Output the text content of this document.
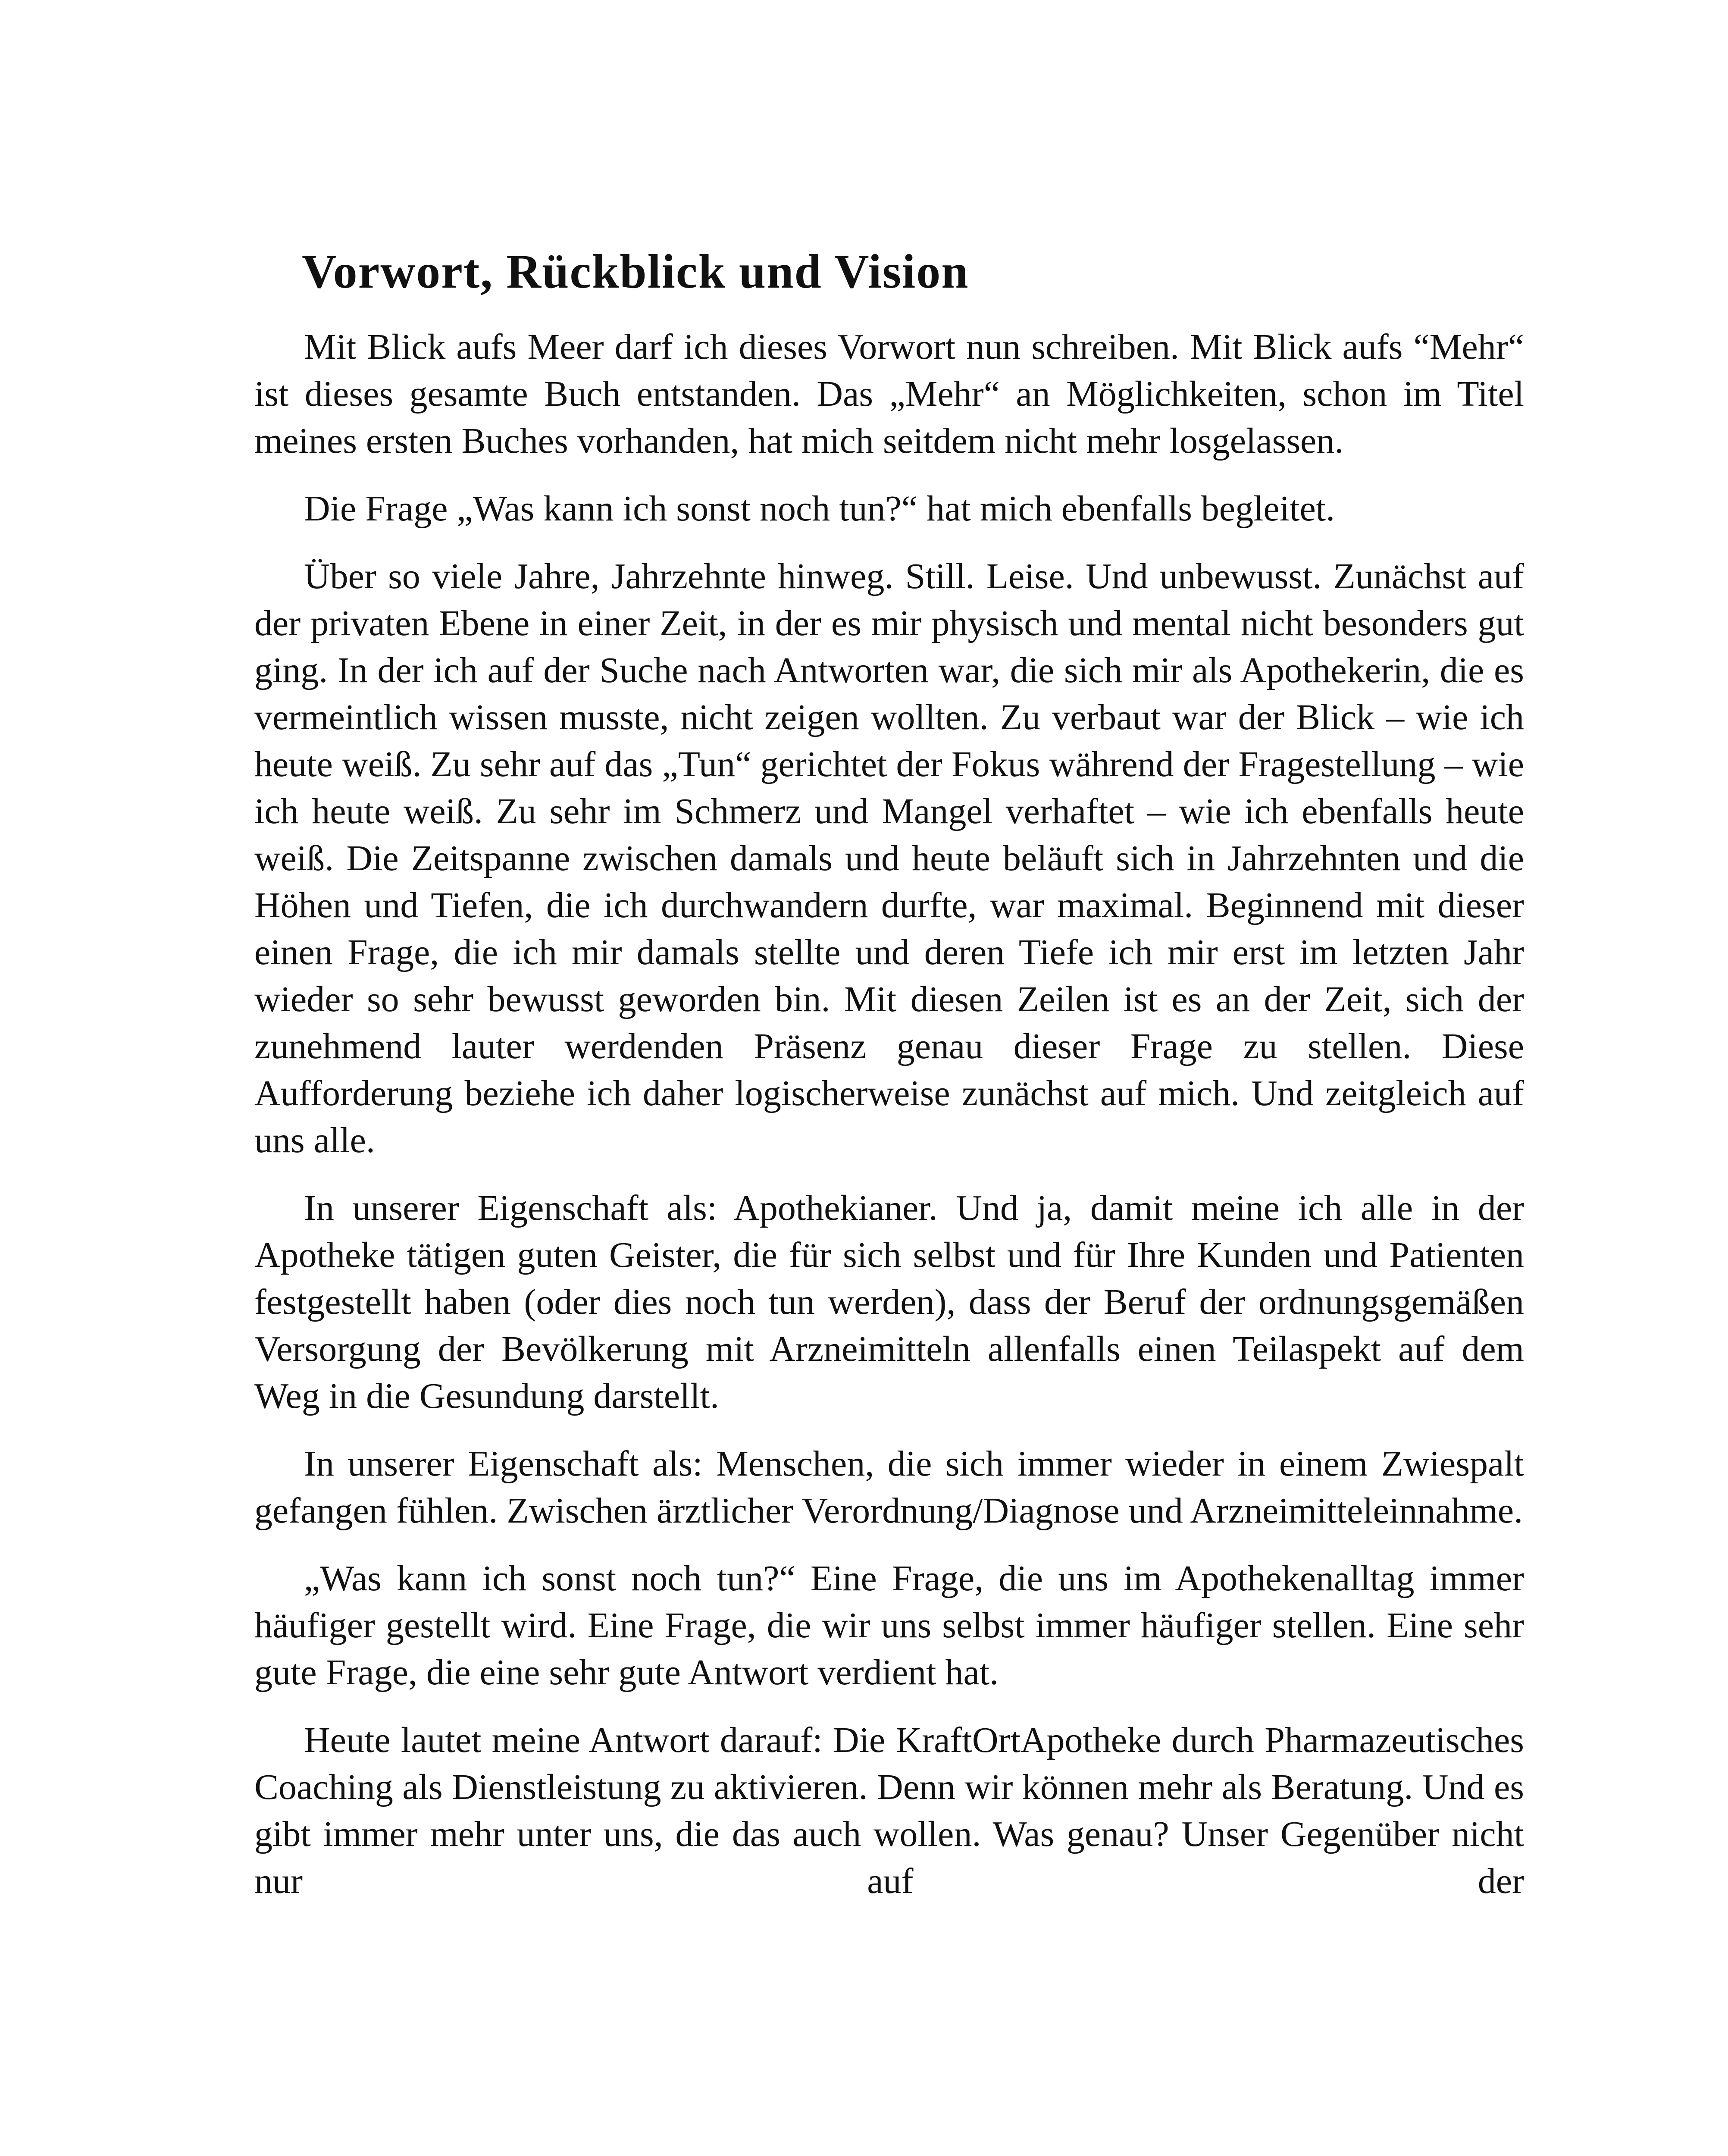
Vorwort, Rückblick und Vision

Mit Blick aufs Meer darf ich dieses Vorwort nun schreiben. Mit Blick aufs “Mehr“ ist dieses gesamte Buch entstanden. Das „Mehr“ an Möglichkeiten, schon im Titel meines ersten Buches vorhanden, hat mich seitdem nicht mehr losgelassen.

Die Frage „Was kann ich sonst noch tun?“ hat mich ebenfalls begleitet.

Über so viele Jahre, Jahrzehnte hinweg. Still. Leise. Und unbewusst. Zunächst auf der privaten Ebene in einer Zeit, in der es mir physisch und mental nicht besonders gut ging. In der ich auf der Suche nach Antworten war, die sich mir als Apothekerin, die es vermeintlich wissen musste, nicht zeigen wollten. Zu verbaut war der Blick – wie ich heute weiß. Zu sehr auf das „Tun“ gerichtet der Fokus während der Fragestellung – wie ich heute weiß. Zu sehr im Schmerz und Mangel verhaftet – wie ich ebenfalls heute weiß. Die Zeitspanne zwischen damals und heute beläuft sich in Jahrzehnten und die Höhen und Tiefen, die ich durchwandern durfte, war maximal. Beginnend mit dieser einen Frage, die ich mir damals stellte und deren Tiefe ich mir erst im letzten Jahr wieder so sehr bewusst geworden bin. Mit diesen Zeilen ist es an der Zeit, sich der zunehmend lauter werdenden Präsenz genau dieser Frage zu stellen. Diese Aufforderung beziehe ich daher logischerweise zunächst auf mich. Und zeitgleich auf uns alle.

In unserer Eigenschaft als: Apothekianer. Und ja, damit meine ich alle in der Apotheke tätigen guten Geister, die für sich selbst und für Ihre Kunden und Patienten festgestellt haben (oder dies noch tun werden), dass der Beruf der ordnungsgemäßen Versorgung der Bevölkerung mit Arzneimitteln allenfalls einen Teilaspekt auf dem Weg in die Gesundung darstellt.

In unserer Eigenschaft als: Menschen, die sich immer wieder in einem Zwiespalt gefangen fühlen. Zwischen ärztlicher Verordnung/Diagnose und Arzneimitteleinnahme.

„Was kann ich sonst noch tun?“ Eine Frage, die uns im Apothekenalltag immer häufiger gestellt wird. Eine Frage, die wir uns selbst immer häufiger stellen. Eine sehr gute Frage, die eine sehr gute Antwort verdient hat.

Heute lautet meine Antwort darauf: Die KraftOrtApotheke durch Pharmazeutisches Coaching als Dienstleistung zu aktivieren. Denn wir können mehr als Beratung. Und es gibt immer mehr unter uns, die das auch wollen. Was genau? Unser Gegenüber nicht nur auf der
